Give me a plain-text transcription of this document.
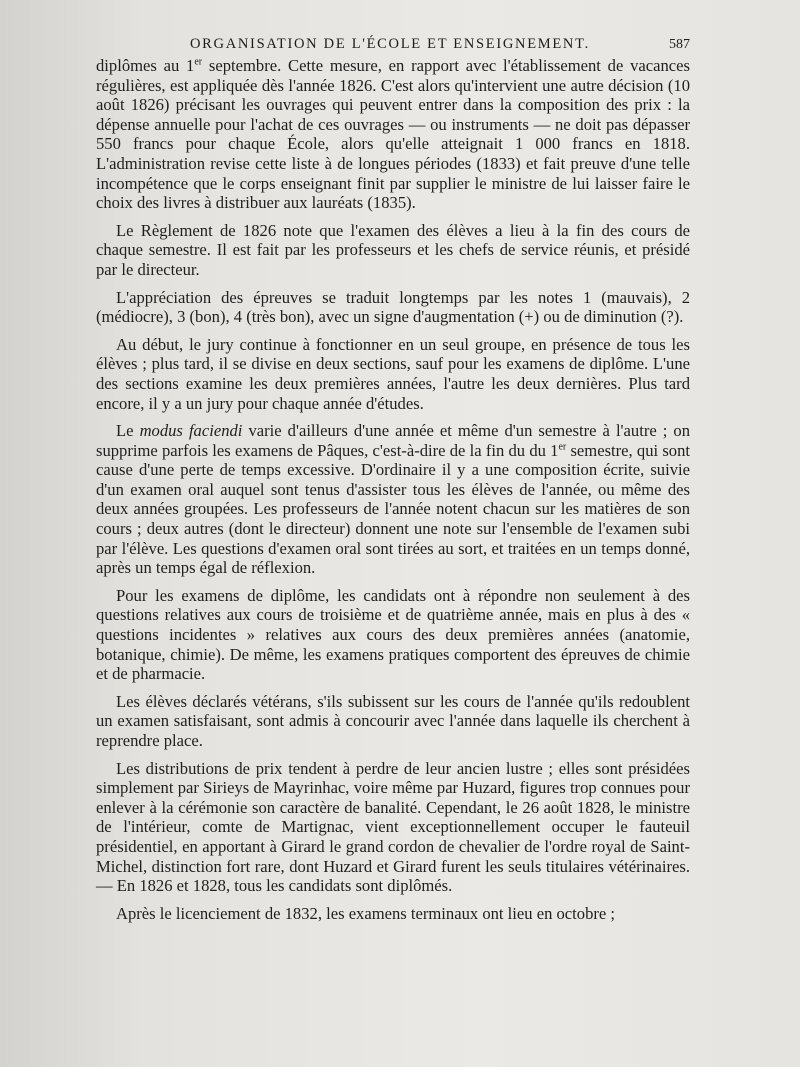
ORGANISATION DE L'ÉCOLE ET ENSEIGNEMENT.	587

diplômes au 1er septembre. Cette mesure, en rapport avec l'établissement de vacances régulières, est appliquée dès l'année 1826. C'est alors qu'intervient une autre décision (10 août 1826) précisant les ouvrages qui peuvent entrer dans la composition des prix : la dépense annuelle pour l'achat de ces ouvrages — ou instruments — ne doit pas dépasser 550 francs pour chaque École, alors qu'elle atteignait 1 000 francs en 1818. L'administration revise cette liste à de longues périodes (1833) et fait preuve d'une telle incompétence que le corps enseignant finit par supplier le ministre de lui laisser faire le choix des livres à distribuer aux lauréats (1835).

Le Règlement de 1826 note que l'examen des élèves a lieu à la fin des cours de chaque semestre. Il est fait par les professeurs et les chefs de service réunis, et présidé par le directeur.

L'appréciation des épreuves se traduit longtemps par les notes 1 (mauvais), 2 (médiocre), 3 (bon), 4 (très bon), avec un signe d'augmentation (+) ou de diminution (?).

Au début, le jury continue à fonctionner en un seul groupe, en présence de tous les élèves ; plus tard, il se divise en deux sections, sauf pour les examens de diplôme. L'une des sections examine les deux premières années, l'autre les deux dernières. Plus tard encore, il y a un jury pour chaque année d'études.

Le modus faciendi varie d'ailleurs d'une année et même d'un semestre à l'autre ; on supprime parfois les examens de Pâques, c'est-à-dire de la fin du du 1er semestre, qui sont cause d'une perte de temps excessive. D'ordinaire il y a une composition écrite, suivie d'un examen oral auquel sont tenus d'assister tous les élèves de l'année, ou même des deux années groupées. Les professeurs de l'année notent chacun sur les matières de son cours ; deux autres (dont le directeur) donnent une note sur l'ensemble de l'examen subi par l'élève. Les questions d'examen oral sont tirées au sort, et traitées en un temps donné, après un temps égal de réflexion.

Pour les examens de diplôme, les candidats ont à répondre non seulement à des questions relatives aux cours de troisième et de quatrième année, mais en plus à des « questions incidentes » relatives aux cours des deux premières années (anatomie, botanique, chimie). De même, les examens pratiques comportent des épreuves de chimie et de pharmacie.

Les élèves déclarés vétérans, s'ils subissent sur les cours de l'année qu'ils redoublent un examen satisfaisant, sont admis à concourir avec l'année dans laquelle ils cherchent à reprendre place.

Les distributions de prix tendent à perdre de leur ancien lustre ; elles sont présidées simplement par Sirieys de Mayrinhac, voire même par Huzard, figures trop connues pour enlever à la cérémonie son caractère de banalité. Cependant, le 26 août 1828, le ministre de l'intérieur, comte de Martignac, vient exceptionnellement occuper le fauteuil présidentiel, en apportant à Girard le grand cordon de chevalier de l'ordre royal de Saint-Michel, distinction fort rare, dont Huzard et Girard furent les seuls titulaires vétérinaires. — En 1826 et 1828, tous les candidats sont diplômés.

Après le licenciement de 1832, les examens terminaux ont lieu en octobre ;
